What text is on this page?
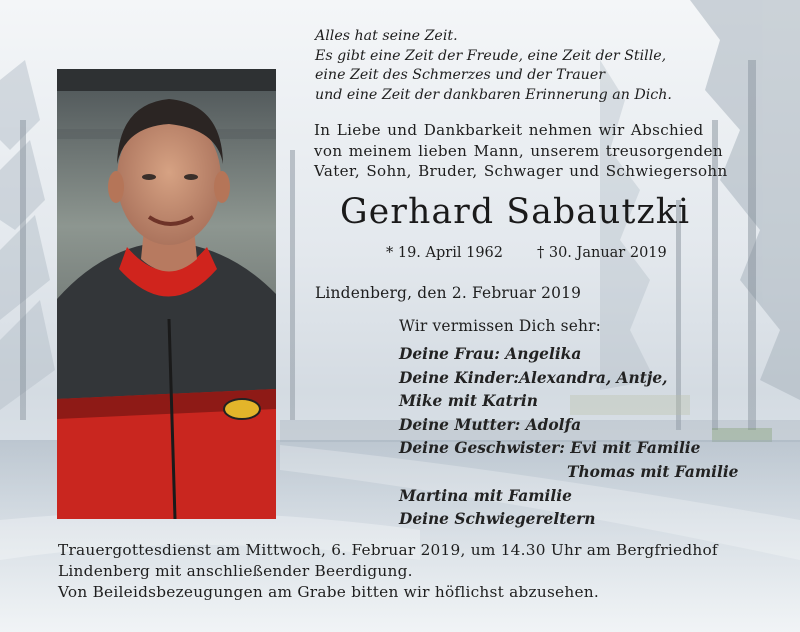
Alles hat seine Zeit.
Es gibt eine Zeit der Freude, eine Zeit der Stille,
eine Zeit des Schmerzes und der Trauer
und eine Zeit der dankbaren Erinnerung an Dich.
In Liebe und Dankbarkeit nehmen wir Abschied
von meinem lieben Mann, unserem treusorgenden
Vater, Sohn, Bruder, Schwager und Schwiegersohn
Gerhard Sabautzki
* 19. April 1962 † 30. Januar 2019
Lindenberg, den 2. Februar 2019
Wir vermissen Dich sehr:
Deine Frau: Angelika
Deine Kinder:Alexandra, Antje,
Mike mit Katrin
Deine Mutter: Adolfa
Deine Geschwister: Evi mit Familie
Thomas mit Familie
Martina mit Familie
Deine Schwiegereltern
Trauergottesdienst am Mittwoch, 6. Februar 2019, um 14.30 Uhr am Bergfriedhof
Lindenberg mit anschließender Beerdigung.
Von Beileidsbezeugungen am Grabe bitten wir höflichst abzusehen.
